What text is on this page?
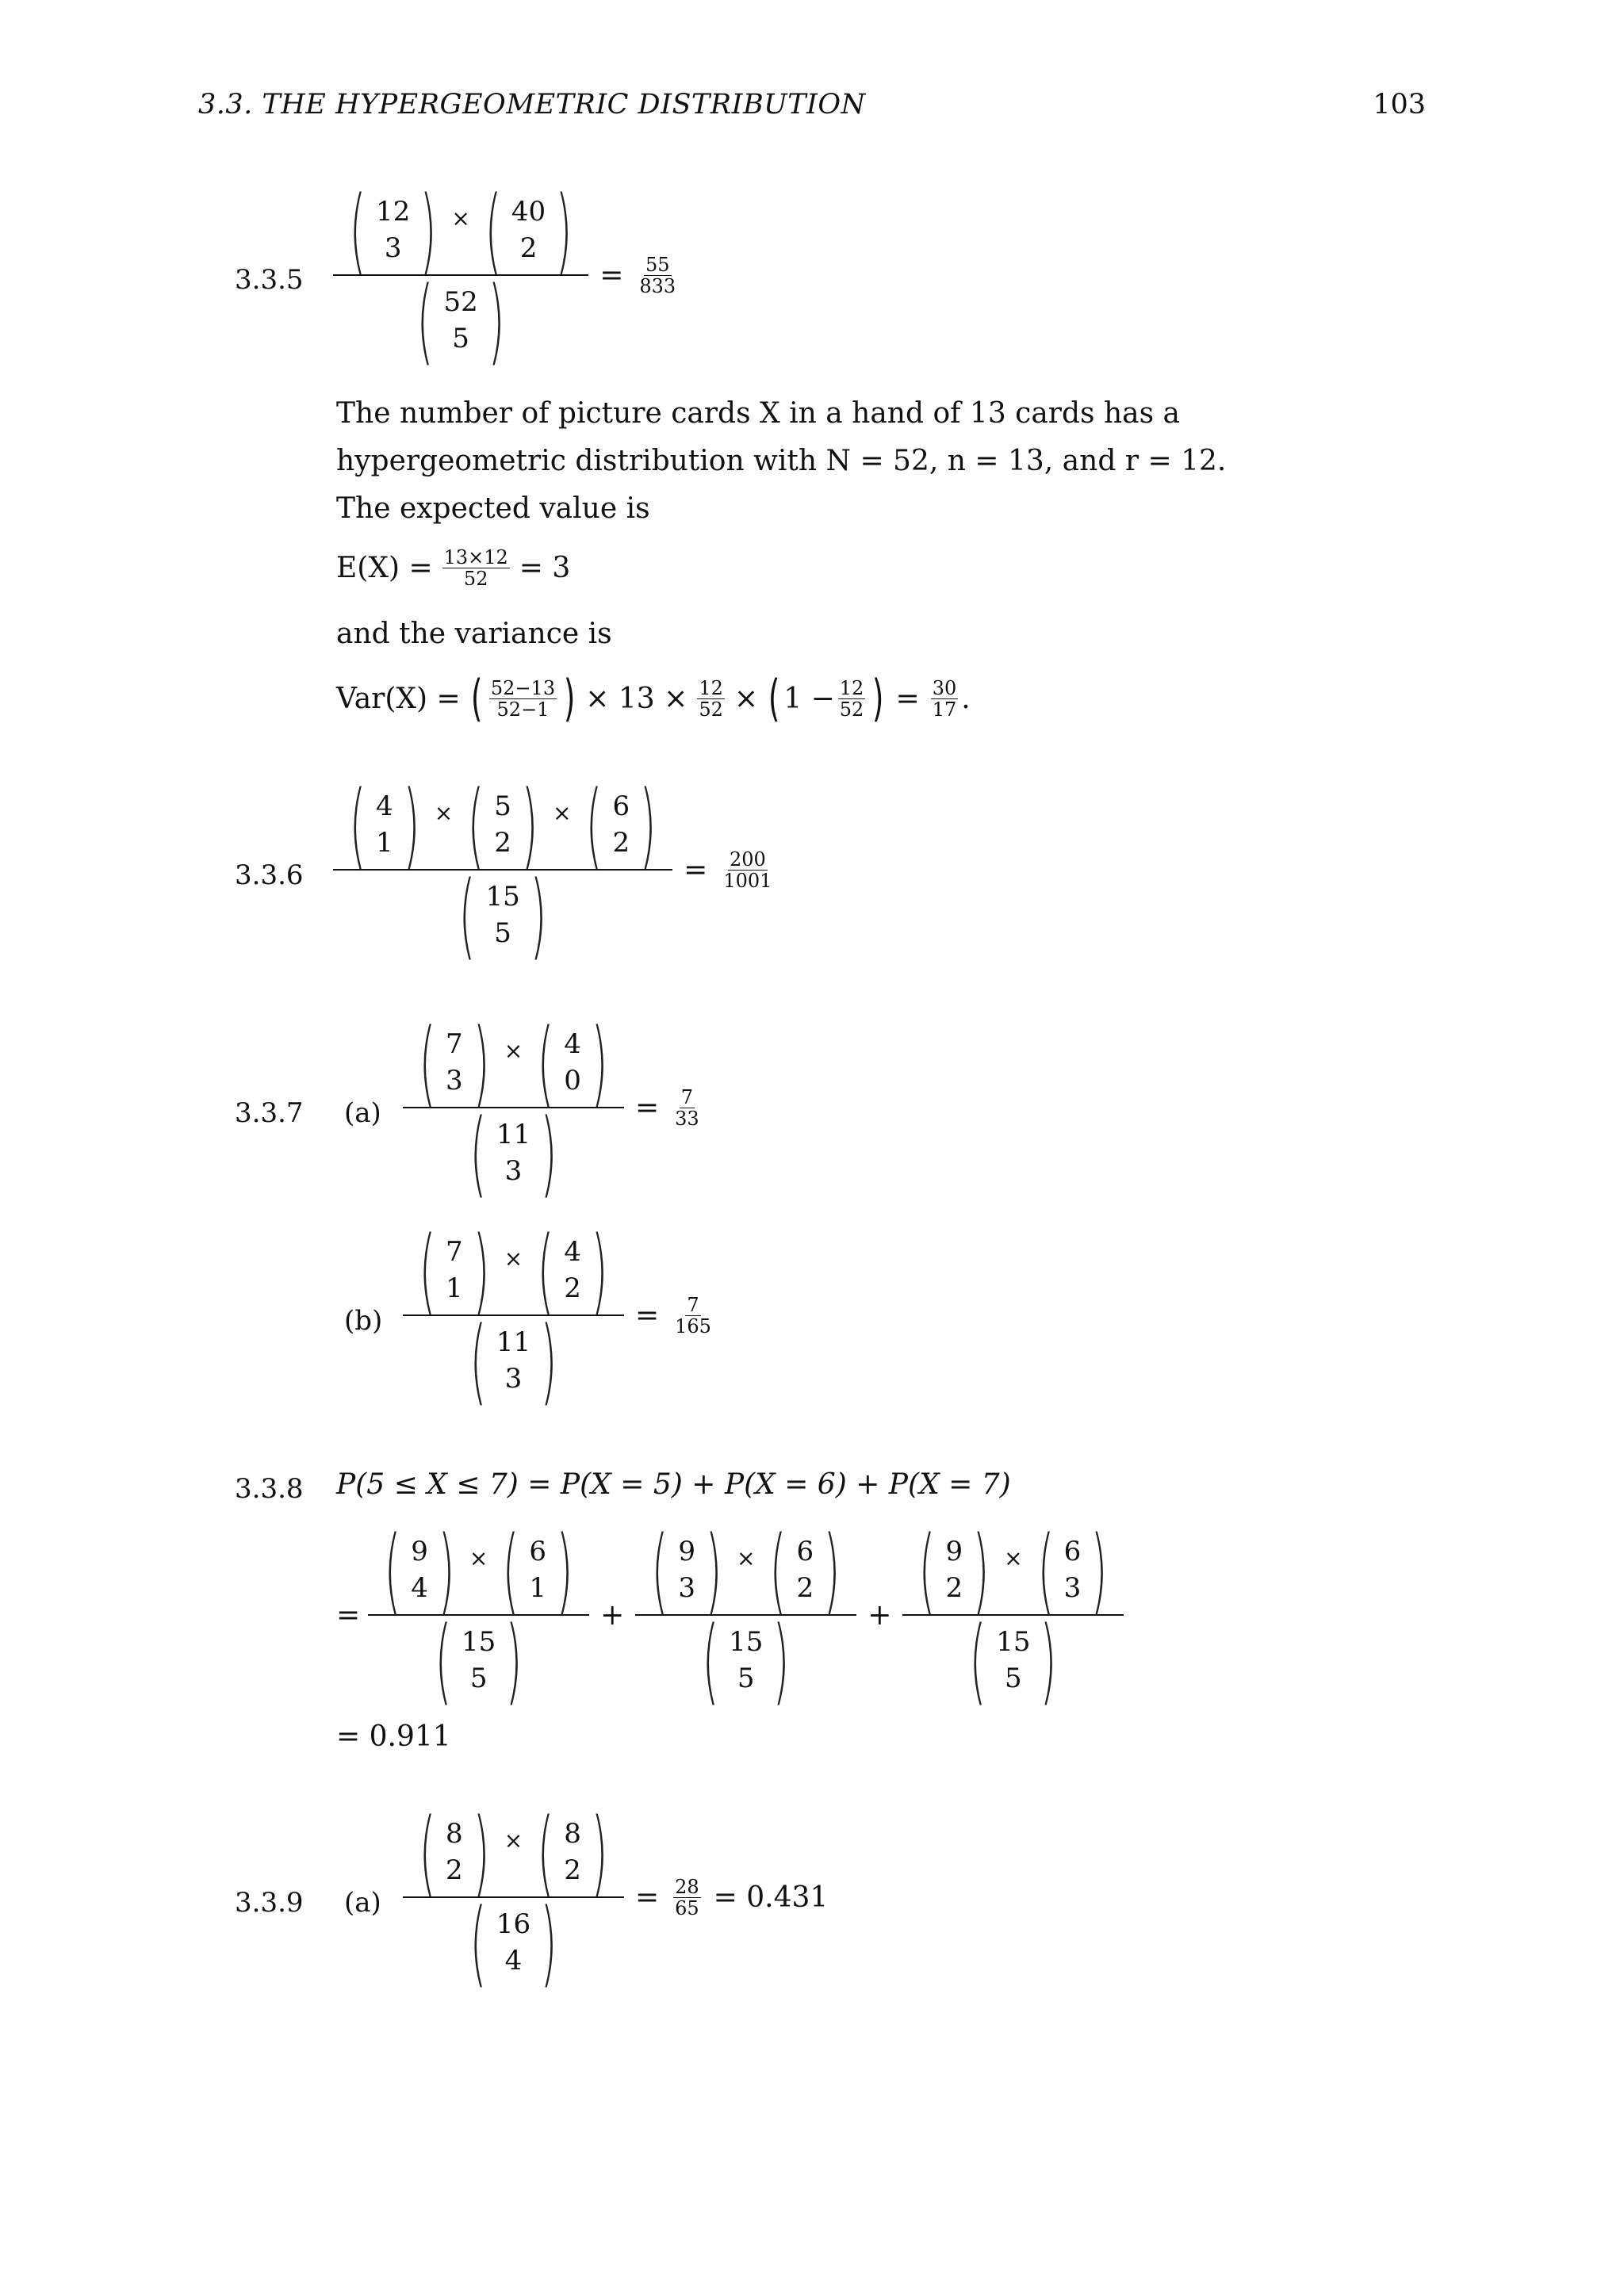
3.3. THE HYPERGEOMETRIC DISTRIBUTION	103
3.3.5 ( 12
3 ) × ( 40
2 )
( 52
5 ) = $\frac{55}{833}$
The number of picture cards X in a hand of 13 cards has a
hypergeometric distribution with N = 52, n = 13, and r = 12.
The expected value is
$E(X) = \frac{13\times 12}{52} = 3$
and the variance is
Var(X) = ( 52−13
52−1 ) × $13 \times \frac{12}{52}$ × ( $1 - \frac{12}{52}$ ) = $\frac{30}{17}$ .
3.3.6 ( 4
1 ) × ( 5
2 ) × ( 6
2 )
( 15
5 ) = $\frac{200}{1001}$
3.3.7 (a) ( 7
3 ) × ( 4
0 )
( 11
3 ) = $\frac{7}{33}$
(b) ( 7
1 ) × ( 4
2 )
( 11
3 ) = $\frac{7}{165}$
3.3.8 P(5 ≤ X ≤ 7) = P(X = 5) + P(X = 6) + P(X = 7)
= ( 9
4 ) × ( 6
1 )
( 15
5 ) + ( 9
3 ) × ( 6
2 )
( 15
5 ) + ( 9
2 ) × ( 6
3 )
( 15
5 )
= 0.911
3.3.9 (a) ( 8
2 ) × ( 8
2 )
( 16
4 ) = $\frac{28}{65} = 0.431$
